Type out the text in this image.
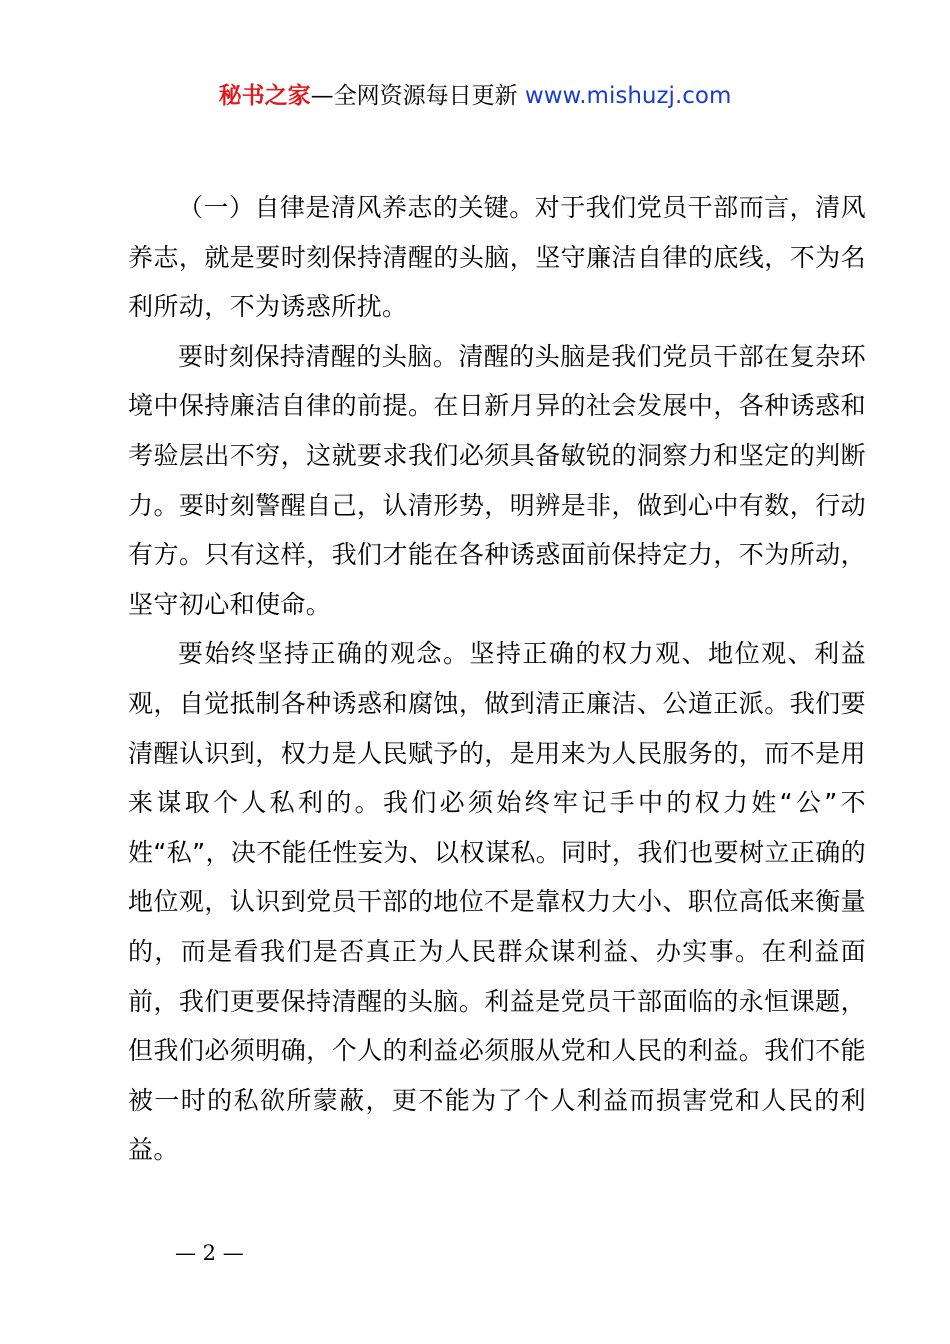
秘书之家—全网资源每日更新 www.mishuzj.com

（一）自律是清风养志的关键。对于我们党员干部而言，清风养志，就是要时刻保持清醒的头脑，坚守廉洁自律的底线，不为名利所动，不为诱惑所扰。

要时刻保持清醒的头脑。清醒的头脑是我们党员干部在复杂环境中保持廉洁自律的前提。在日新月异的社会发展中，各种诱惑和考验层出不穷，这就要求我们必须具备敏锐的洞察力和坚定的判断力。要时刻警醒自己，认清形势，明辨是非，做到心中有数，行动有方。只有这样，我们才能在各种诱惑面前保持定力，不为所动，坚守初心和使命。

要始终坚持正确的观念。坚持正确的权力观、地位观、利益观，自觉抵制各种诱惑和腐蚀，做到清正廉洁、公道正派。我们要清醒认识到，权力是人民赋予的，是用来为人民服务的，而不是用来谋取个人私利的。我们必须始终牢记手中的权力姓“公”不姓“私”，决不能任性妄为、以权谋私。同时，我们也要树立正确的地位观，认识到党员干部的地位不是靠权力大小、职位高低来衡量的，而是看我们是否真正为人民群众谋利益、办实事。在利益面前，我们更要保持清醒的头脑。利益是党员干部面临的永恒课题，但我们必须明确，个人的利益必须服从党和人民的利益。我们不能被一时的私欲所蒙蔽，更不能为了个人利益而损害党和人民的利益。

— 2 —
